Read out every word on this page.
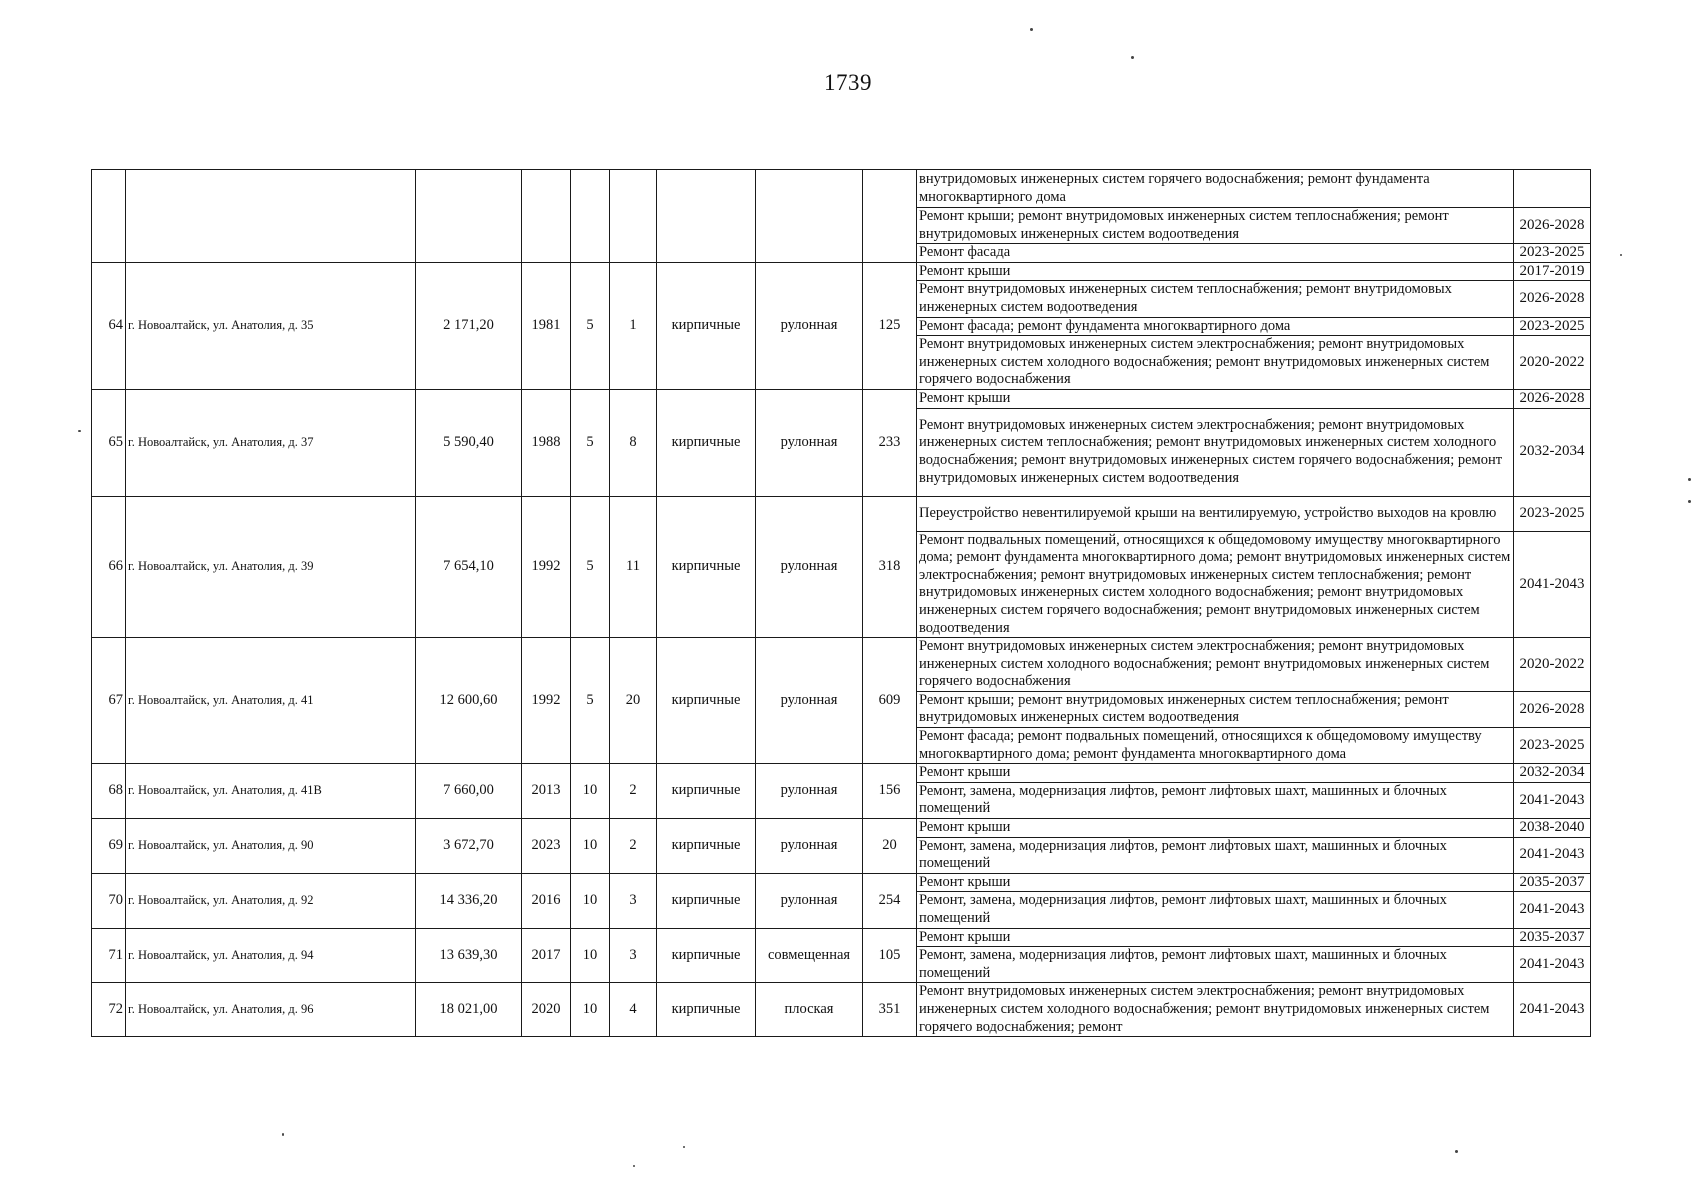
1739
									внутридомовых инженерных систем горячего водоснабжения; ремонт фундамента многоквартирного дома	
									Ремонт крыши; ремонт внутридомовых инженерных систем теплоснабжения; ремонт внутридомовых инженерных систем водоотведения	2026-2028
									Ремонт фасада	2023-2025
64	г. Новоалтайск, ул. Анатолия, д. 35	2 171,20	1981	5	1	кирпичные	рулонная	125	Ремонт крыши	2017-2019
									Ремонт внутридомовых инженерных систем теплоснабжения; ремонт внутридомовых инженерных систем водоотведения	2026-2028
									Ремонт фасада; ремонт фундамента многоквартирного дома	2023-2025
									Ремонт внутридомовых инженерных систем электроснабжения; ремонт внутридомовых инженерных систем холодного водоснабжения; ремонт внутридомовых инженерных систем горячего водоснабжения	2020-2022
65	г. Новоалтайск, ул. Анатолия, д. 37	5 590,40	1988	5	8	кирпичные	рулонная	233	Ремонт крыши	2026-2028
									Ремонт внутридомовых инженерных систем электроснабжения; ремонт внутридомовых инженерных систем теплоснабжения; ремонт внутридомовых инженерных систем холодного водоснабжения; ремонт внутридомовых инженерных систем горячего водоснабжения; ремонт внутридомовых инженерных систем водоотведения	2032-2034
66	г. Новоалтайск, ул. Анатолия, д. 39	7 654,10	1992	5	11	кирпичные	рулонная	318	Переустройство невентилируемой крыши на вентилируемую, устройство выходов на кровлю	2023-2025
									Ремонт подвальных помещений, относящихся к общедомовому имуществу многоквартирного дома; ремонт фундамента многоквартирного дома; ремонт внутридомовых инженерных систем электроснабжения; ремонт внутридомовых инженерных систем теплоснабжения; ремонт внутридомовых инженерных систем холодного водоснабжения; ремонт внутридомовых инженерных систем горячего водоснабжения; ремонт внутридомовых инженерных систем водоотведения	2041-2043
67	г. Новоалтайск, ул. Анатолия, д. 41	12 600,60	1992	5	20	кирпичные	рулонная	609	Ремонт внутридомовых инженерных систем электроснабжения; ремонт внутридомовых инженерных систем холодного водоснабжения; ремонт внутридомовых инженерных систем горячего водоснабжения	2020-2022
									Ремонт крыши; ремонт внутридомовых инженерных систем теплоснабжения; ремонт внутридомовых инженерных систем водоотведения	2026-2028
									Ремонт фасада; ремонт подвальных помещений, относящихся к общедомовому имуществу многоквартирного дома; ремонт фундамента многоквартирного дома	2023-2025
68	г. Новоалтайск, ул. Анатолия, д. 41В	7 660,00	2013	10	2	кирпичные	рулонная	156	Ремонт крыши	2032-2034
									Ремонт, замена, модернизация лифтов, ремонт лифтовых шахт, машинных и блочных помещений	2041-2043
69	г. Новоалтайск, ул. Анатолия, д. 90	3 672,70	2023	10	2	кирпичные	рулонная	20	Ремонт крыши	2038-2040
									Ремонт, замена, модернизация лифтов, ремонт лифтовых шахт, машинных и блочных помещений	2041-2043
70	г. Новоалтайск, ул. Анатолия, д. 92	14 336,20	2016	10	3	кирпичные	рулонная	254	Ремонт крыши	2035-2037
									Ремонт, замена, модернизация лифтов, ремонт лифтовых шахт, машинных и блочных помещений	2041-2043
71	г. Новоалтайск, ул. Анатолия, д. 94	13 639,30	2017	10	3	кирпичные	совмещенная	105	Ремонт крыши	2035-2037
									Ремонт, замена, модернизация лифтов, ремонт лифтовых шахт, машинных и блочных помещений	2041-2043
72	г. Новоалтайск, ул. Анатолия, д. 96	18 021,00	2020	10	4	кирпичные	плоская	351	Ремонт внутридомовых инженерных систем электроснабжения; ремонт внутридомовых инженерных систем холодного водоснабжения; ремонт внутридомовых инженерных систем горячего водоснабжения; ремонт	2041-2043
